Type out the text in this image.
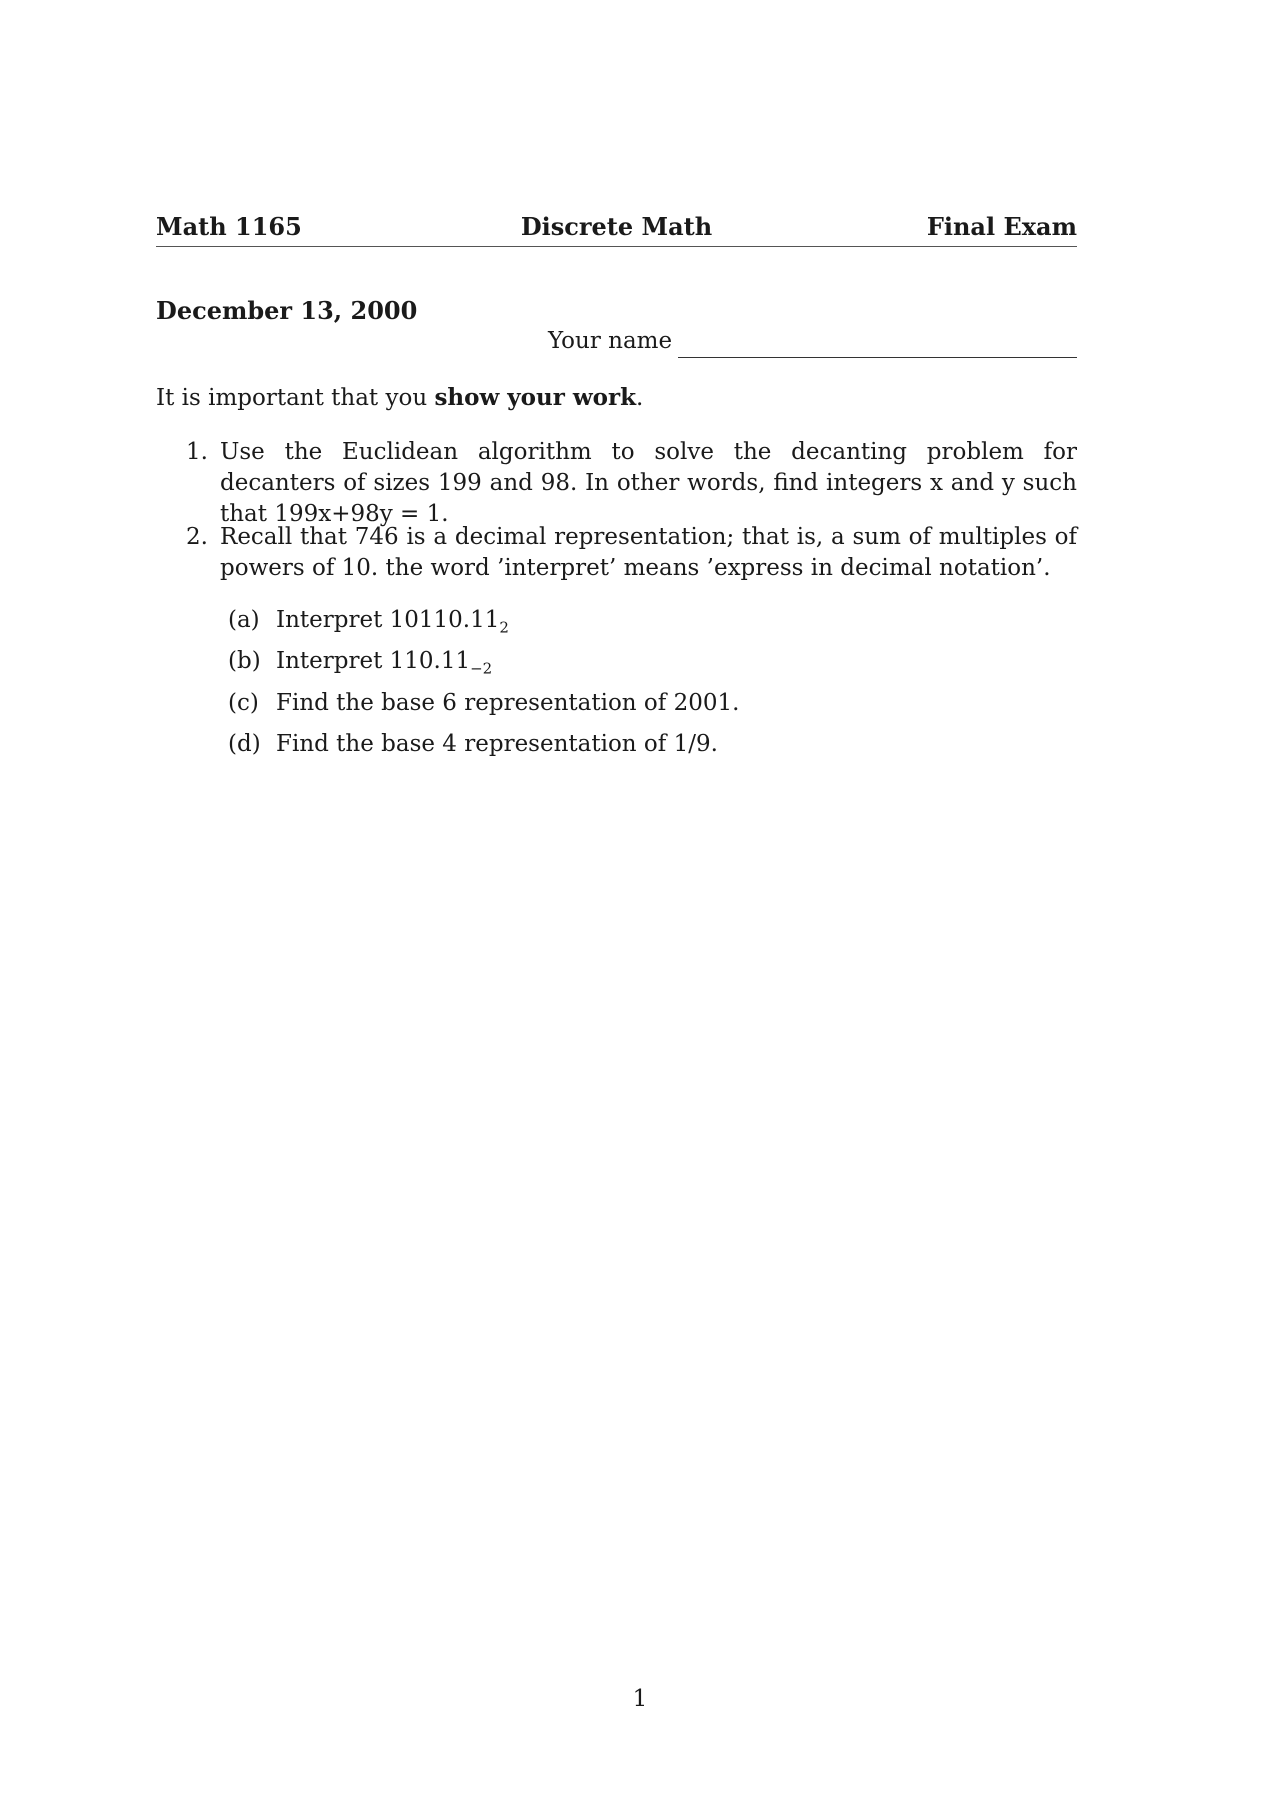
Math 1165	Discrete Math	Final Exam
December 13, 2000
Your name
It is important that you show your work.
1. Use the Euclidean algorithm to solve the decanting problem for decanters of sizes 199 and 98. In other words, find integers x and y such that 199x+98y = 1.
2. Recall that 746 is a decimal representation; that is, a sum of multiples of powers of 10. the word ’interpret’ means ’express in decimal notation’.
(a) Interpret $10110.11_2$
(b) Interpret $110.11_{-2}$
(c) Find the base 6 representation of 2001.
(d) Find the base 4 representation of 1/9.
1
